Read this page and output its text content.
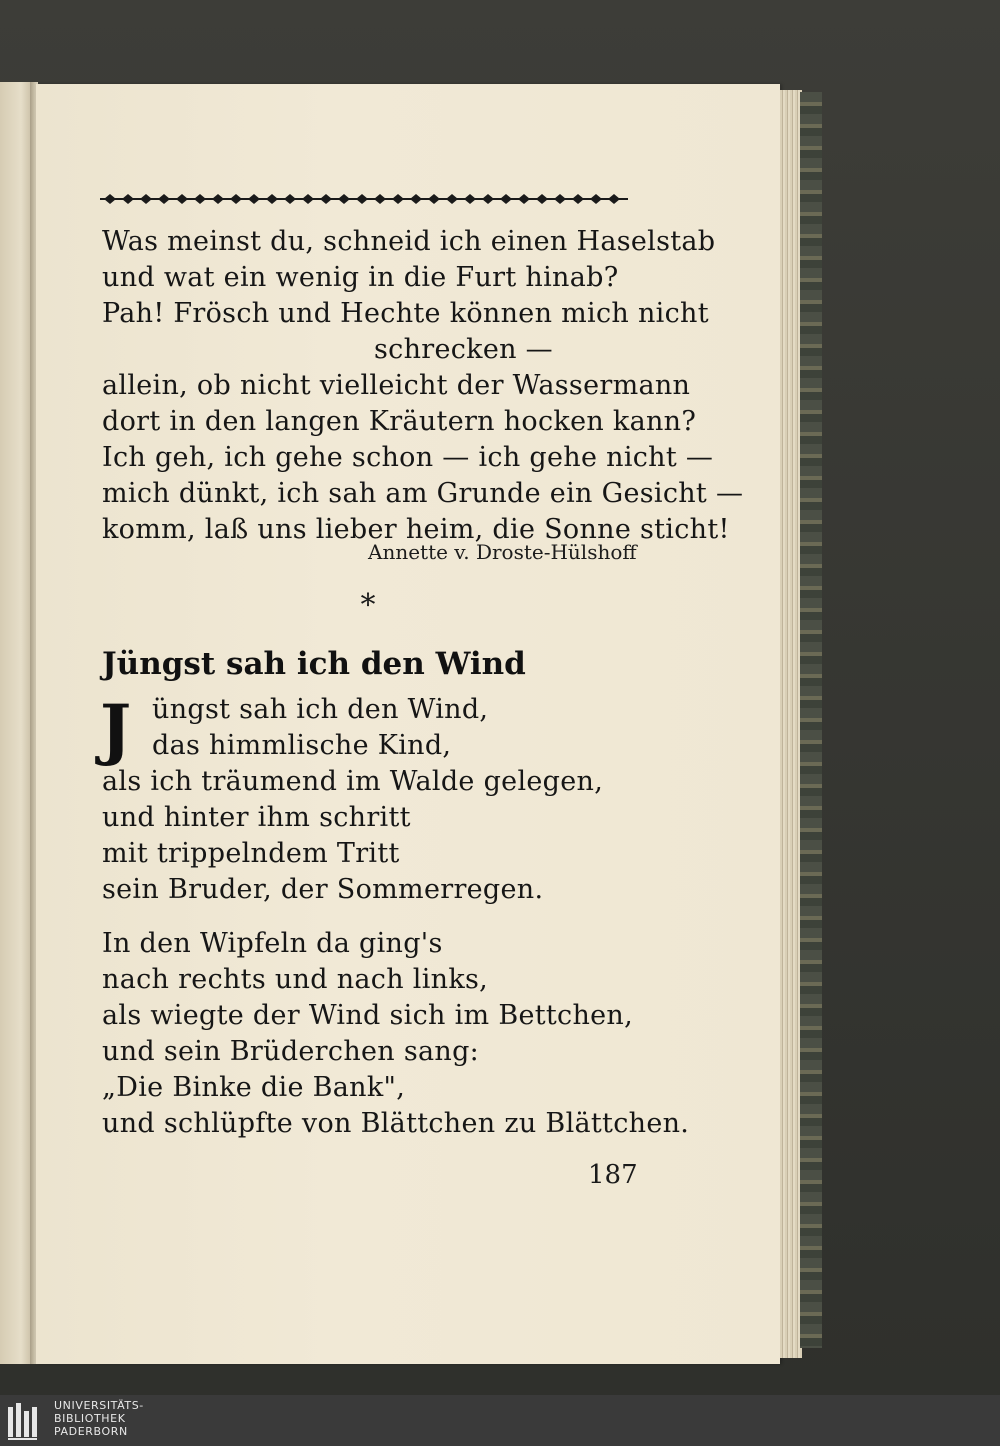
Was meinst du, schneid ich einen Haselstab
und wat ein wenig in die Furt hinab?
Pah! Frösch und Hechte können mich nicht
schrecken —
allein, ob nicht vielleicht der Wassermann
dort in den langen Kräutern hocken kann?
Ich geh, ich gehe schon — ich gehe nicht —
mich dünkt, ich sah am Grunde ein Gesicht —
komm, laß uns lieber heim, die Sonne sticht!
Annette v. Droste-Hülshoff
*
Jüngst sah ich den Wind
J üngst sah ich den Wind,
das himmlische Kind,
als ich träumend im Walde gelegen,
und hinter ihm schritt
mit trippelndem Tritt
sein Bruder, der Sommerregen.
In den Wipfeln da ging's
nach rechts und nach links,
als wiegte der Wind sich im Bettchen,
und sein Brüderchen sang:
„Die Binke die Bank",
und schlüpfte von Blättchen zu Blättchen.
187
UNIVERSITÄTS-
BIBLIOTHEK
PADERBORN
